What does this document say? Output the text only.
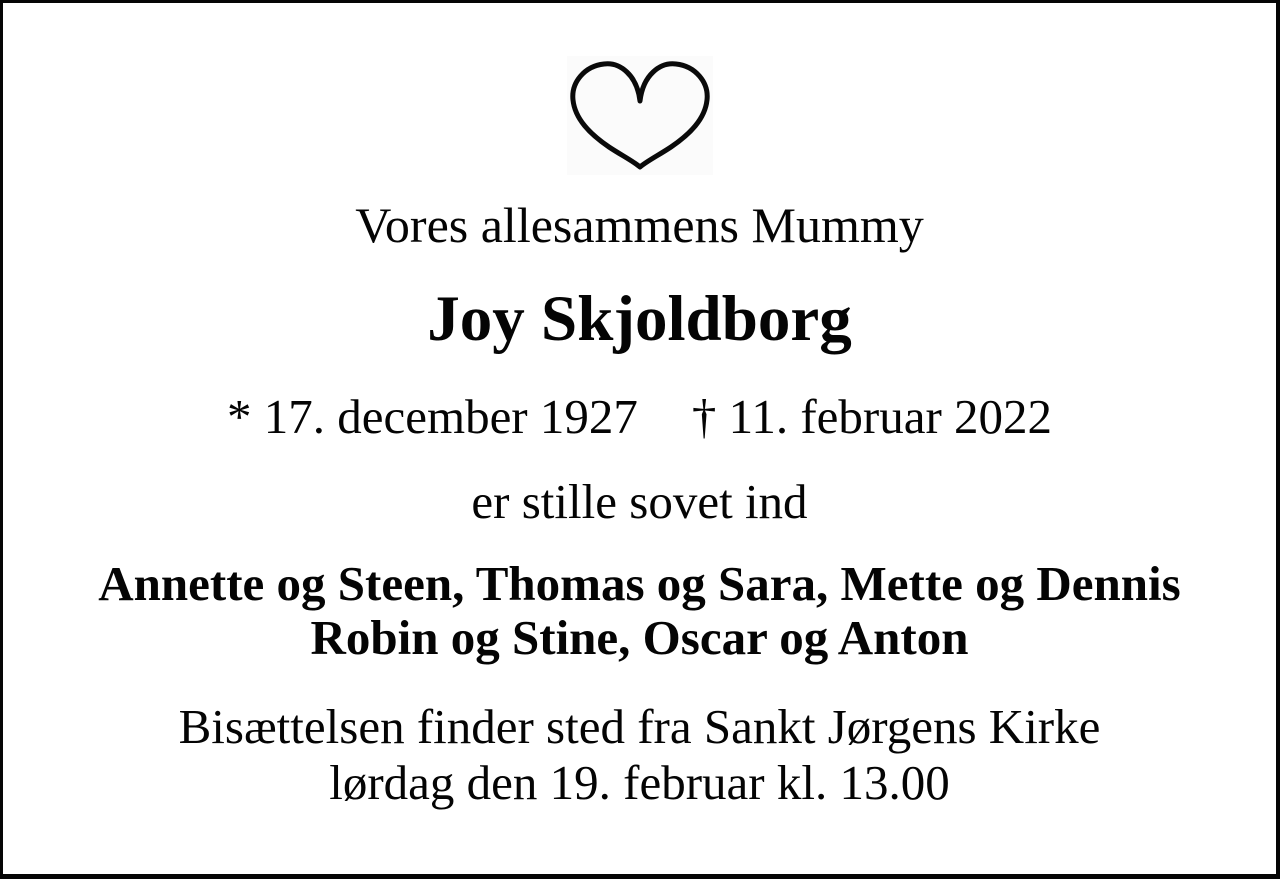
Vores allesammens Mummy
Joy Skjoldborg
* 17. december 1927 † 11. februar 2022
er stille sovet ind
Annette og Steen, Thomas og Sara, Mette og Dennis
Robin og Stine, Oscar og Anton
Bisættelsen finder sted fra Sankt Jørgens Kirke
lørdag den 19. februar kl. 13.00
